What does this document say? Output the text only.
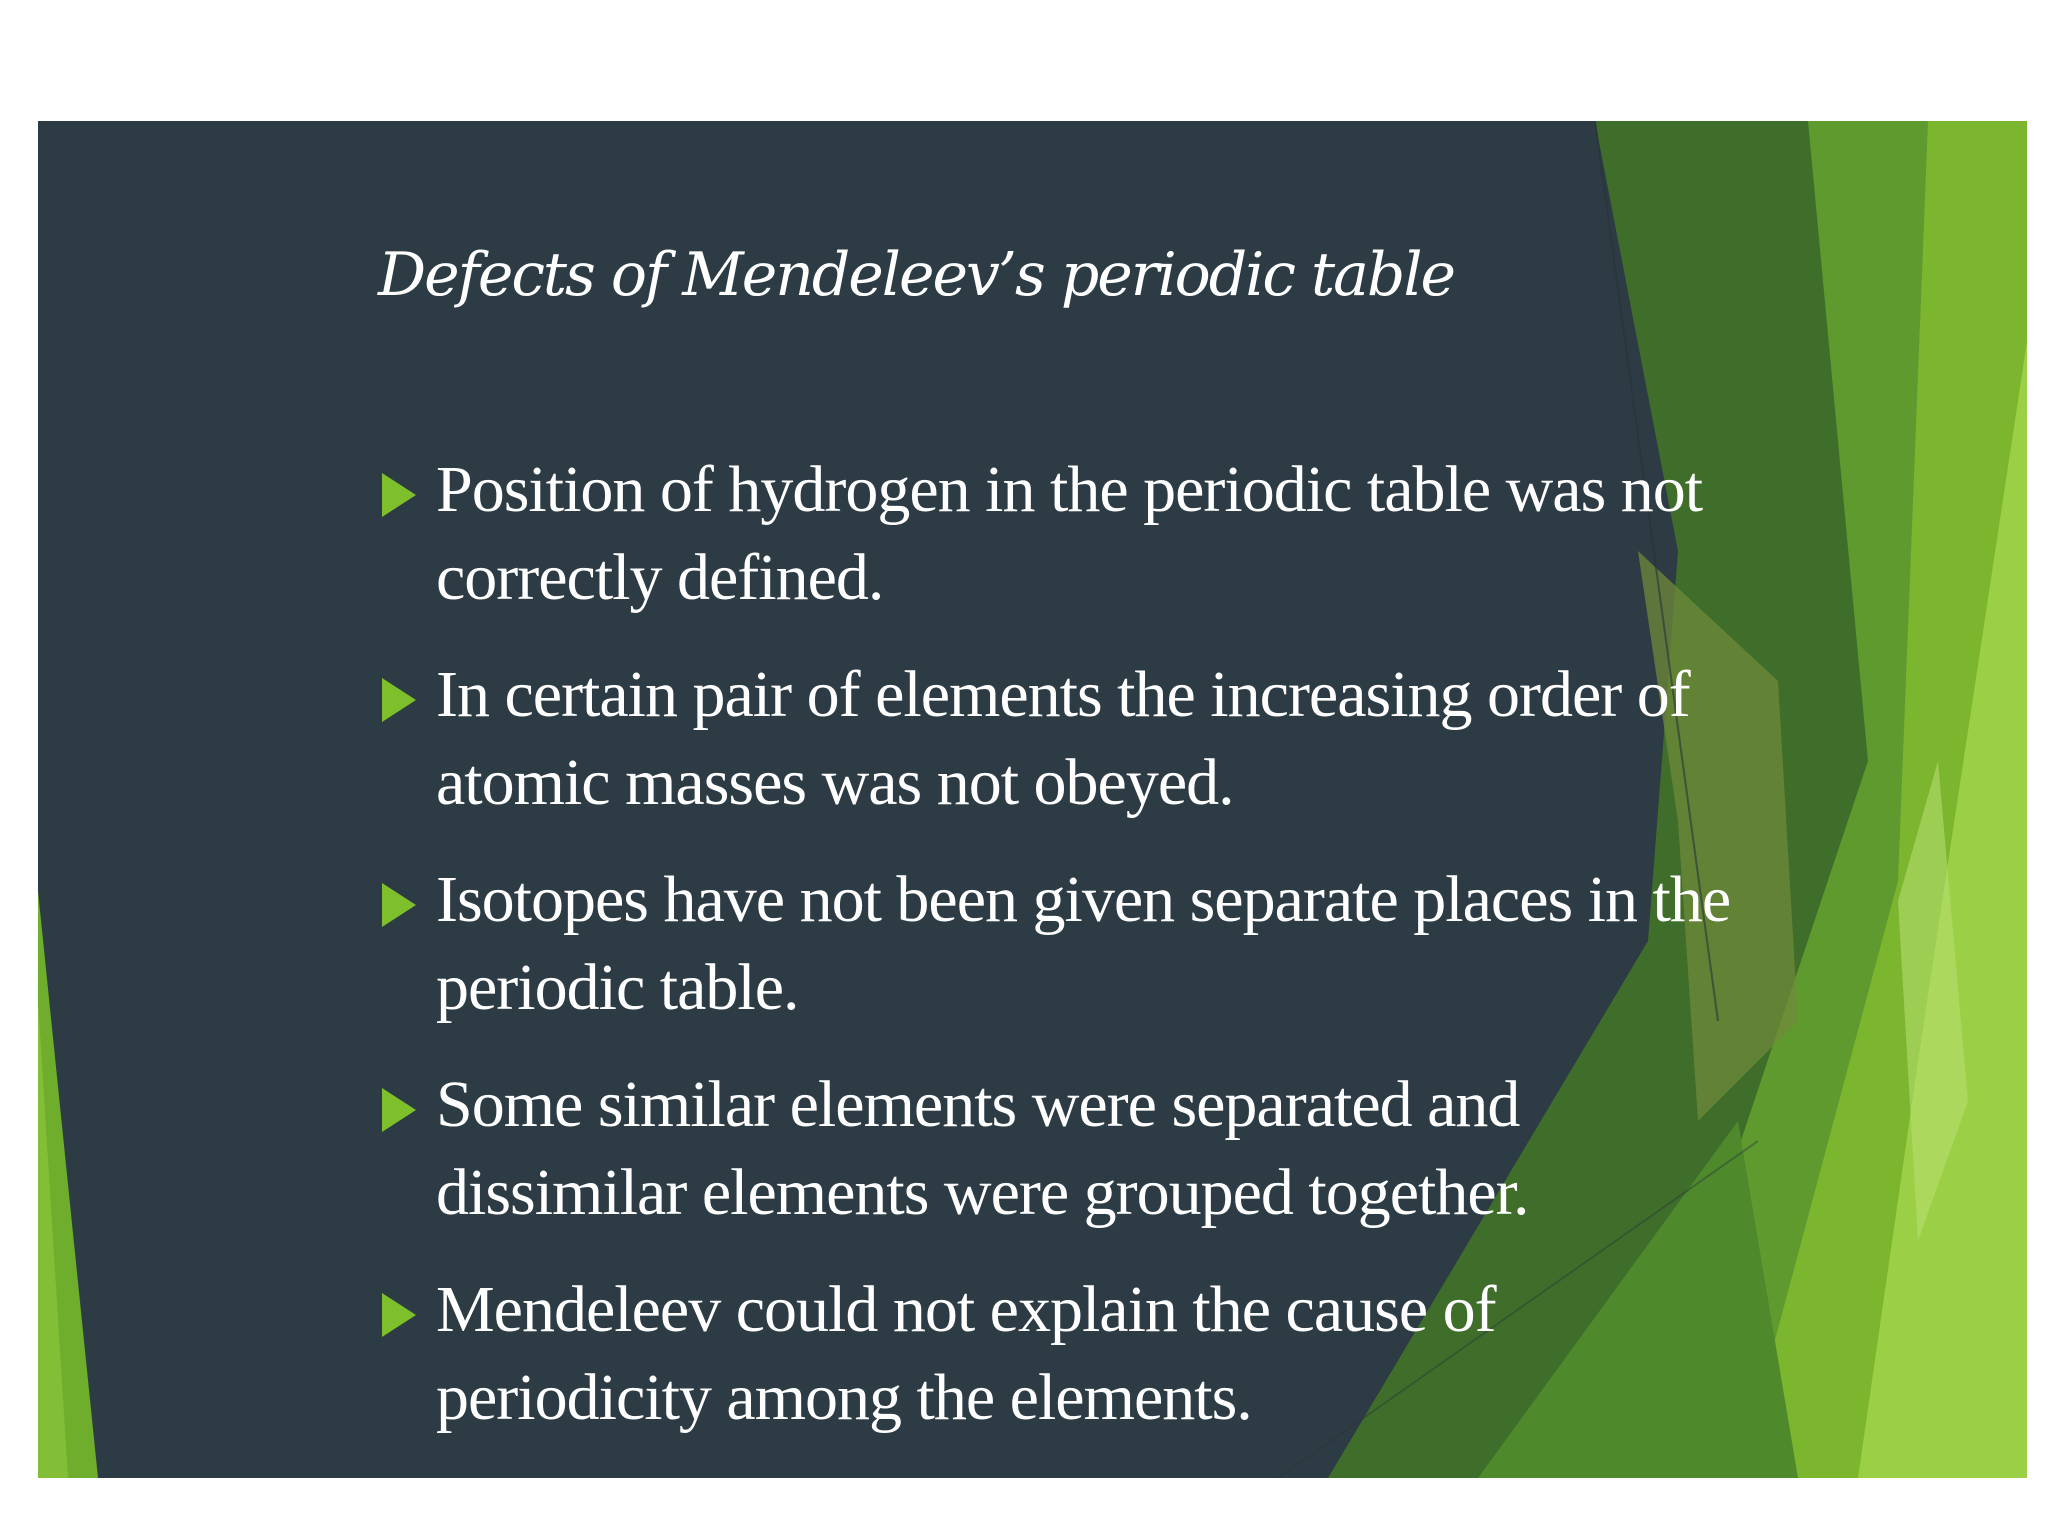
Defects of Mendeleev’s periodic table
Position of hydrogen in the periodic table was not correctly defined.
In certain pair of elements the increasing order of atomic masses was not obeyed.
Isotopes have not been given separate places in the periodic table.
Some similar elements were separated and dissimilar elements were grouped together.
Mendeleev could not explain the cause of periodicity among the elements.
